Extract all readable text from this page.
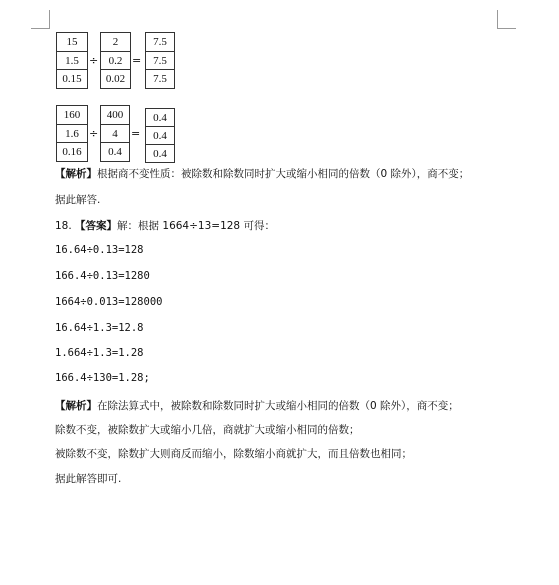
15
1.5
0.15
÷
2
0.2
0.02
=
7.5
7.5
7.5
160
1.6
0.16
÷
400
4
0.4
=
0.4
0.4
0.4
【解析】根据商不变性质：被除数和除数同时扩大或缩小相同的倍数（0 除外），商不变；
据此解答.
18. 【答案】解：根据 1664÷13=128 可得：
16.64÷0.13=128
166.4÷0.13=1280
1664÷0.013=128000
16.64÷1.3=12.8
1.664÷1.3=1.28
166.4÷130=1.28;
【解析】在除法算式中，被除数和除数同时扩大或缩小相同的倍数（0 除外），商不变；
除数不变，被除数扩大或缩小几倍，商就扩大或缩小相同的倍数；
被除数不变，除数扩大则商反而缩小，除数缩小商就扩大，而且倍数也相同；
据此解答即可.
